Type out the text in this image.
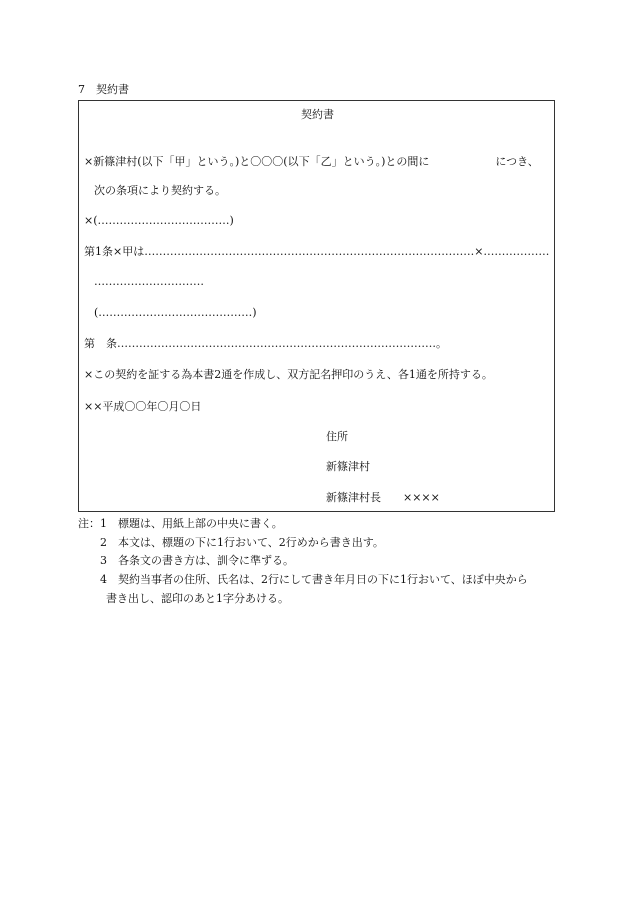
7　契約書
契約書
×新篠津村(以下「甲」という。)と〇〇〇(以下「乙」という。)との間に　　　　　　につき、
次の条項により契約する。
×(………………………………)
第1条×甲は………………………………………………………………………………×………………
…………………………
(……………………………………)
第　条……………………………………………………………………………。
×この契約を証する為本書2通を作成し、双方記名押印のうえ、各1通を所持する。
××平成〇〇年〇月〇日
住所
新篠津村
新篠津村長　　××××
注：1　標題は、用紙上部の中央に書く。
2　本文は、標題の下に1行おいて、2行めから書き出す。
3　各条文の書き方は、訓令に準ずる。
4　契約当事者の住所、氏名は、2行にして書き年月日の下に1行おいて、ほぼ中央から
書き出し、認印のあと1字分あける。
